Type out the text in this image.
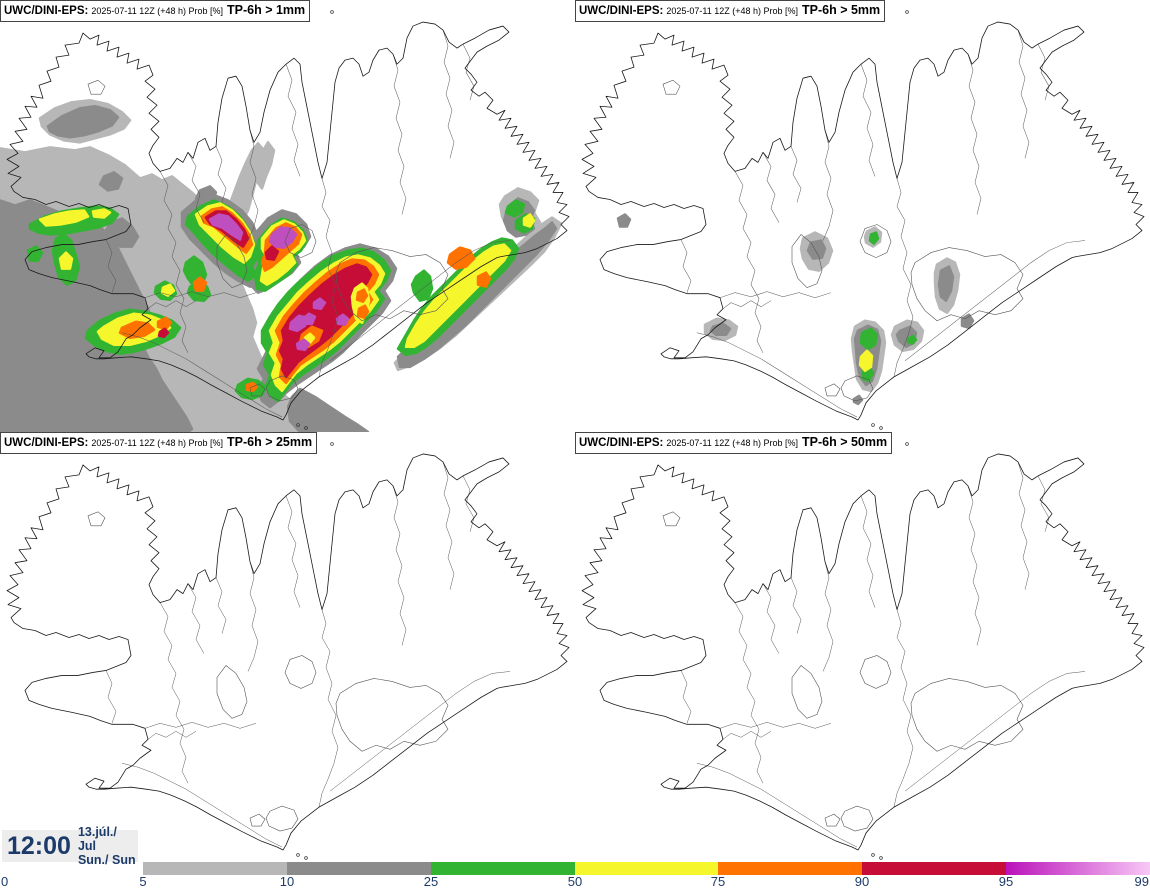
UWC/DINI-EPS: 2025-07-11 12Z (+48 h) Prob [%] TP-6h > 1mm	UWC/DINI-EPS: 2025-07-11 12Z (+48 h) Prob [%] TP-6h > 5mm
UWC/DINI-EPS: 2025-07-11 12Z (+48 h) Prob [%] TP-6h > 25mm	UWC/DINI-EPS: 2025-07-11 12Z (+48 h) Prob [%] TP-6h > 50mm
12:00 13.júl./ Jul
Sun./ Sun
0	5	10	25	50	75	90	95	99
